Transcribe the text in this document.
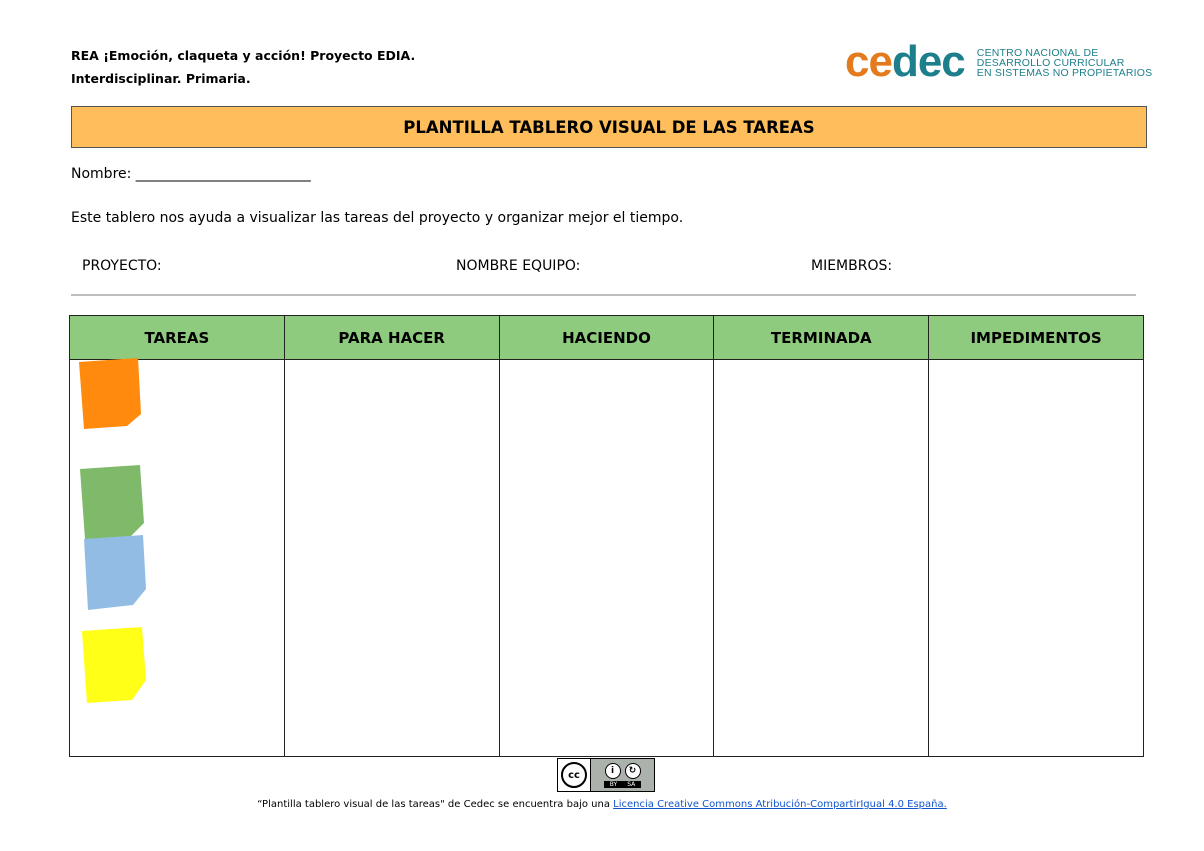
REA ¡Emoción, claqueta y acción! Proyecto EDIA.
Interdisciplinar. Primaria.	cedec CENTRO NACIONAL DE
DESARROLLO CURRICULAR
EN SISTEMAS NO PROPIETARIOS
PLANTILLA TABLERO VISUAL DE LAS TAREAS
Nombre: _________________________
Este tablero nos ayuda a visualizar las tareas del proyecto y organizar mejor el tiempo.
PROYECTO:	NOMBRE EQUIPO:	MIEMBROS:
TAREAS	PARA HACER	HACIENDO	TERMINADA	IMPEDIMENTOS

cc	i	↻
BY SA
“Plantilla tablero visual de las tareas" de Cedec se encuentra bajo una Licencia Creative Commons Atribución-CompartirIgual 4.0 España.
